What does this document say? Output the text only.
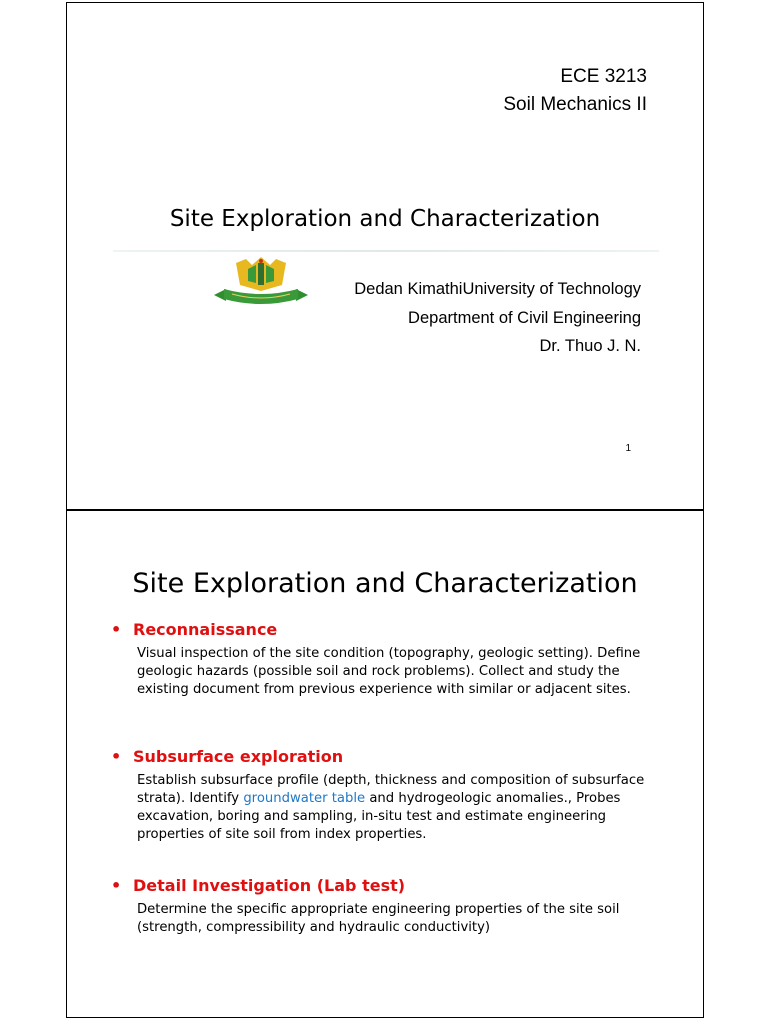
ECE 3213
Soil Mechanics II
Site Exploration and Characterization
Dedan KimathiUniversity of Technology
Department of Civil Engineering
Dr. Thuo J. N.
1
Site Exploration and Characterization
• Reconnaissance
Visual inspection of the site condition (topography, geologic setting). Define geologic hazards (possible soil and rock problems). Collect and study the existing document from previous experience with similar or adjacent sites.
• Subsurface exploration
Establish subsurface profile (depth, thickness and composition of subsurface strata). Identify groundwater table and hydrogeologic anomalies., Probes excavation, boring and sampling, in-situ test and estimate engineering properties of site soil from index properties.
• Detail Investigation (Lab test)
Determine the specific appropriate engineering properties of the site soil (strength, compressibility and hydraulic conductivity)
